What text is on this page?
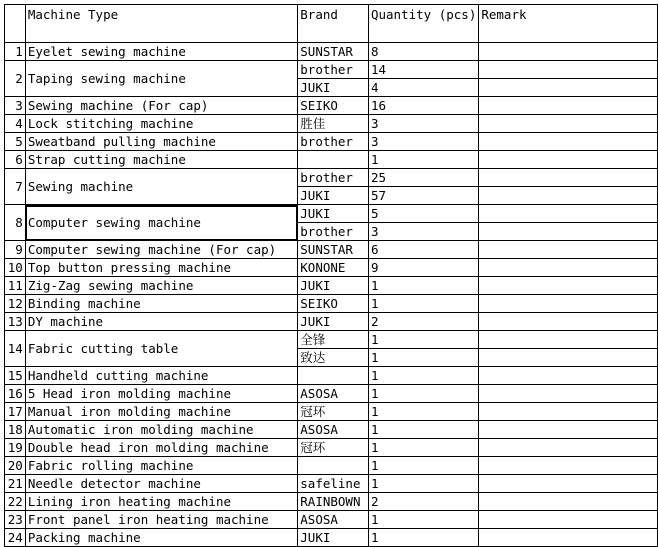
	Machine Type	Brand	Quantity (pcs)	Remark
1	Eyelet sewing machine	SUNSTAR	8	
2	Taping sewing machine	brother	14	
		JUKI	4	
3	Sewing machine (For cap)	SEIKO	16	
4	Lock stitching machine	胜佳	3	
5	Sweatband pulling machine	brother	3	
6	Strap cutting machine		1	
7	Sewing machine	brother	25	
		JUKI	57	
8	Computer sewing machine	JUKI	5	
		brother	3	
9	Computer sewing machine (For cap)	SUNSTAR	6	
10	Top button pressing machine	KONONE	9	
11	Zig-Zag sewing machine	JUKI	1	
12	Binding machine	SEIKO	1	
13	DY machine	JUKI	2	
14	Fabric cutting table	全锋	1	
		致达	1	
15	Handheld cutting machine		1	
16	5 Head iron molding machine	ASOSA	1	
17	Manual iron molding machine	冠环	1	
18	Automatic iron molding machine	ASOSA	1	
19	Double head iron molding machine	冠环	1	
20	Fabric rolling machine		1	
21	Needle detector machine	safeline	1	
22	Lining iron heating machine	RAINBOWN	2	
23	Front panel iron heating machine	ASOSA	1	
24	Packing machine	JUKI	1	
